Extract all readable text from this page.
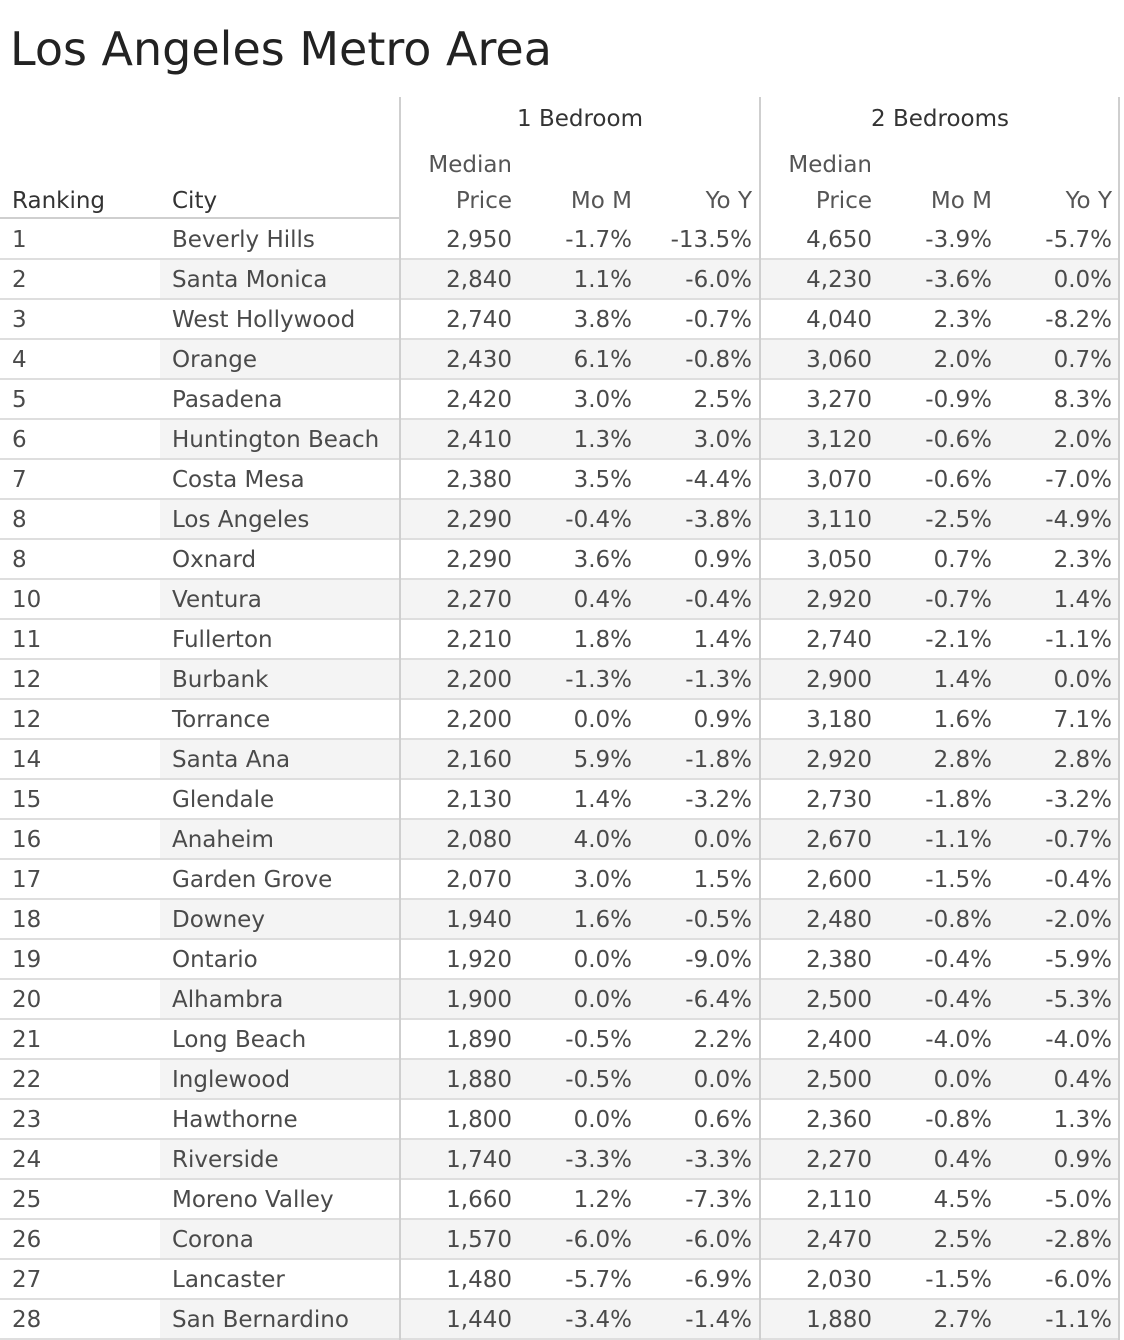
Los Angeles Metro Area
1 Bedroom	2 Bedrooms
Ranking	City
Median
Price	Mo M	Yo Y
Median
Price	Mo M	Yo Y
1	Beverly Hills	2,950	-1.7%	-13.5%	4,650	-3.9%	-5.7%
2	Santa Monica	2,840	1.1%	-6.0%	4,230	-3.6%	0.0%
3	West Hollywood	2,740	3.8%	-0.7%	4,040	2.3%	-8.2%
4	Orange	2,430	6.1%	-0.8%	3,060	2.0%	0.7%
5	Pasadena	2,420	3.0%	2.5%	3,270	-0.9%	8.3%
6	Huntington Beach	2,410	1.3%	3.0%	3,120	-0.6%	2.0%
7	Costa Mesa	2,380	3.5%	-4.4%	3,070	-0.6%	-7.0%
8	Los Angeles	2,290	-0.4%	-3.8%	3,110	-2.5%	-4.9%
8	Oxnard	2,290	3.6%	0.9%	3,050	0.7%	2.3%
10	Ventura	2,270	0.4%	-0.4%	2,920	-0.7%	1.4%
11	Fullerton	2,210	1.8%	1.4%	2,740	-2.1%	-1.1%
12	Burbank	2,200	-1.3%	-1.3%	2,900	1.4%	0.0%
12	Torrance	2,200	0.0%	0.9%	3,180	1.6%	7.1%
14	Santa Ana	2,160	5.9%	-1.8%	2,920	2.8%	2.8%
15	Glendale	2,130	1.4%	-3.2%	2,730	-1.8%	-3.2%
16	Anaheim	2,080	4.0%	0.0%	2,670	-1.1%	-0.7%
17	Garden Grove	2,070	3.0%	1.5%	2,600	-1.5%	-0.4%
18	Downey	1,940	1.6%	-0.5%	2,480	-0.8%	-2.0%
19	Ontario	1,920	0.0%	-9.0%	2,380	-0.4%	-5.9%
20	Alhambra	1,900	0.0%	-6.4%	2,500	-0.4%	-5.3%
21	Long Beach	1,890	-0.5%	2.2%	2,400	-4.0%	-4.0%
22	Inglewood	1,880	-0.5%	0.0%	2,500	0.0%	0.4%
23	Hawthorne	1,800	0.0%	0.6%	2,360	-0.8%	1.3%
24	Riverside	1,740	-3.3%	-3.3%	2,270	0.4%	0.9%
25	Moreno Valley	1,660	1.2%	-7.3%	2,110	4.5%	-5.0%
26	Corona	1,570	-6.0%	-6.0%	2,470	2.5%	-2.8%
27	Lancaster	1,480	-5.7%	-6.9%	2,030	-1.5%	-6.0%
28	San Bernardino	1,440	-3.4%	-1.4%	1,880	2.7%	-1.1%
